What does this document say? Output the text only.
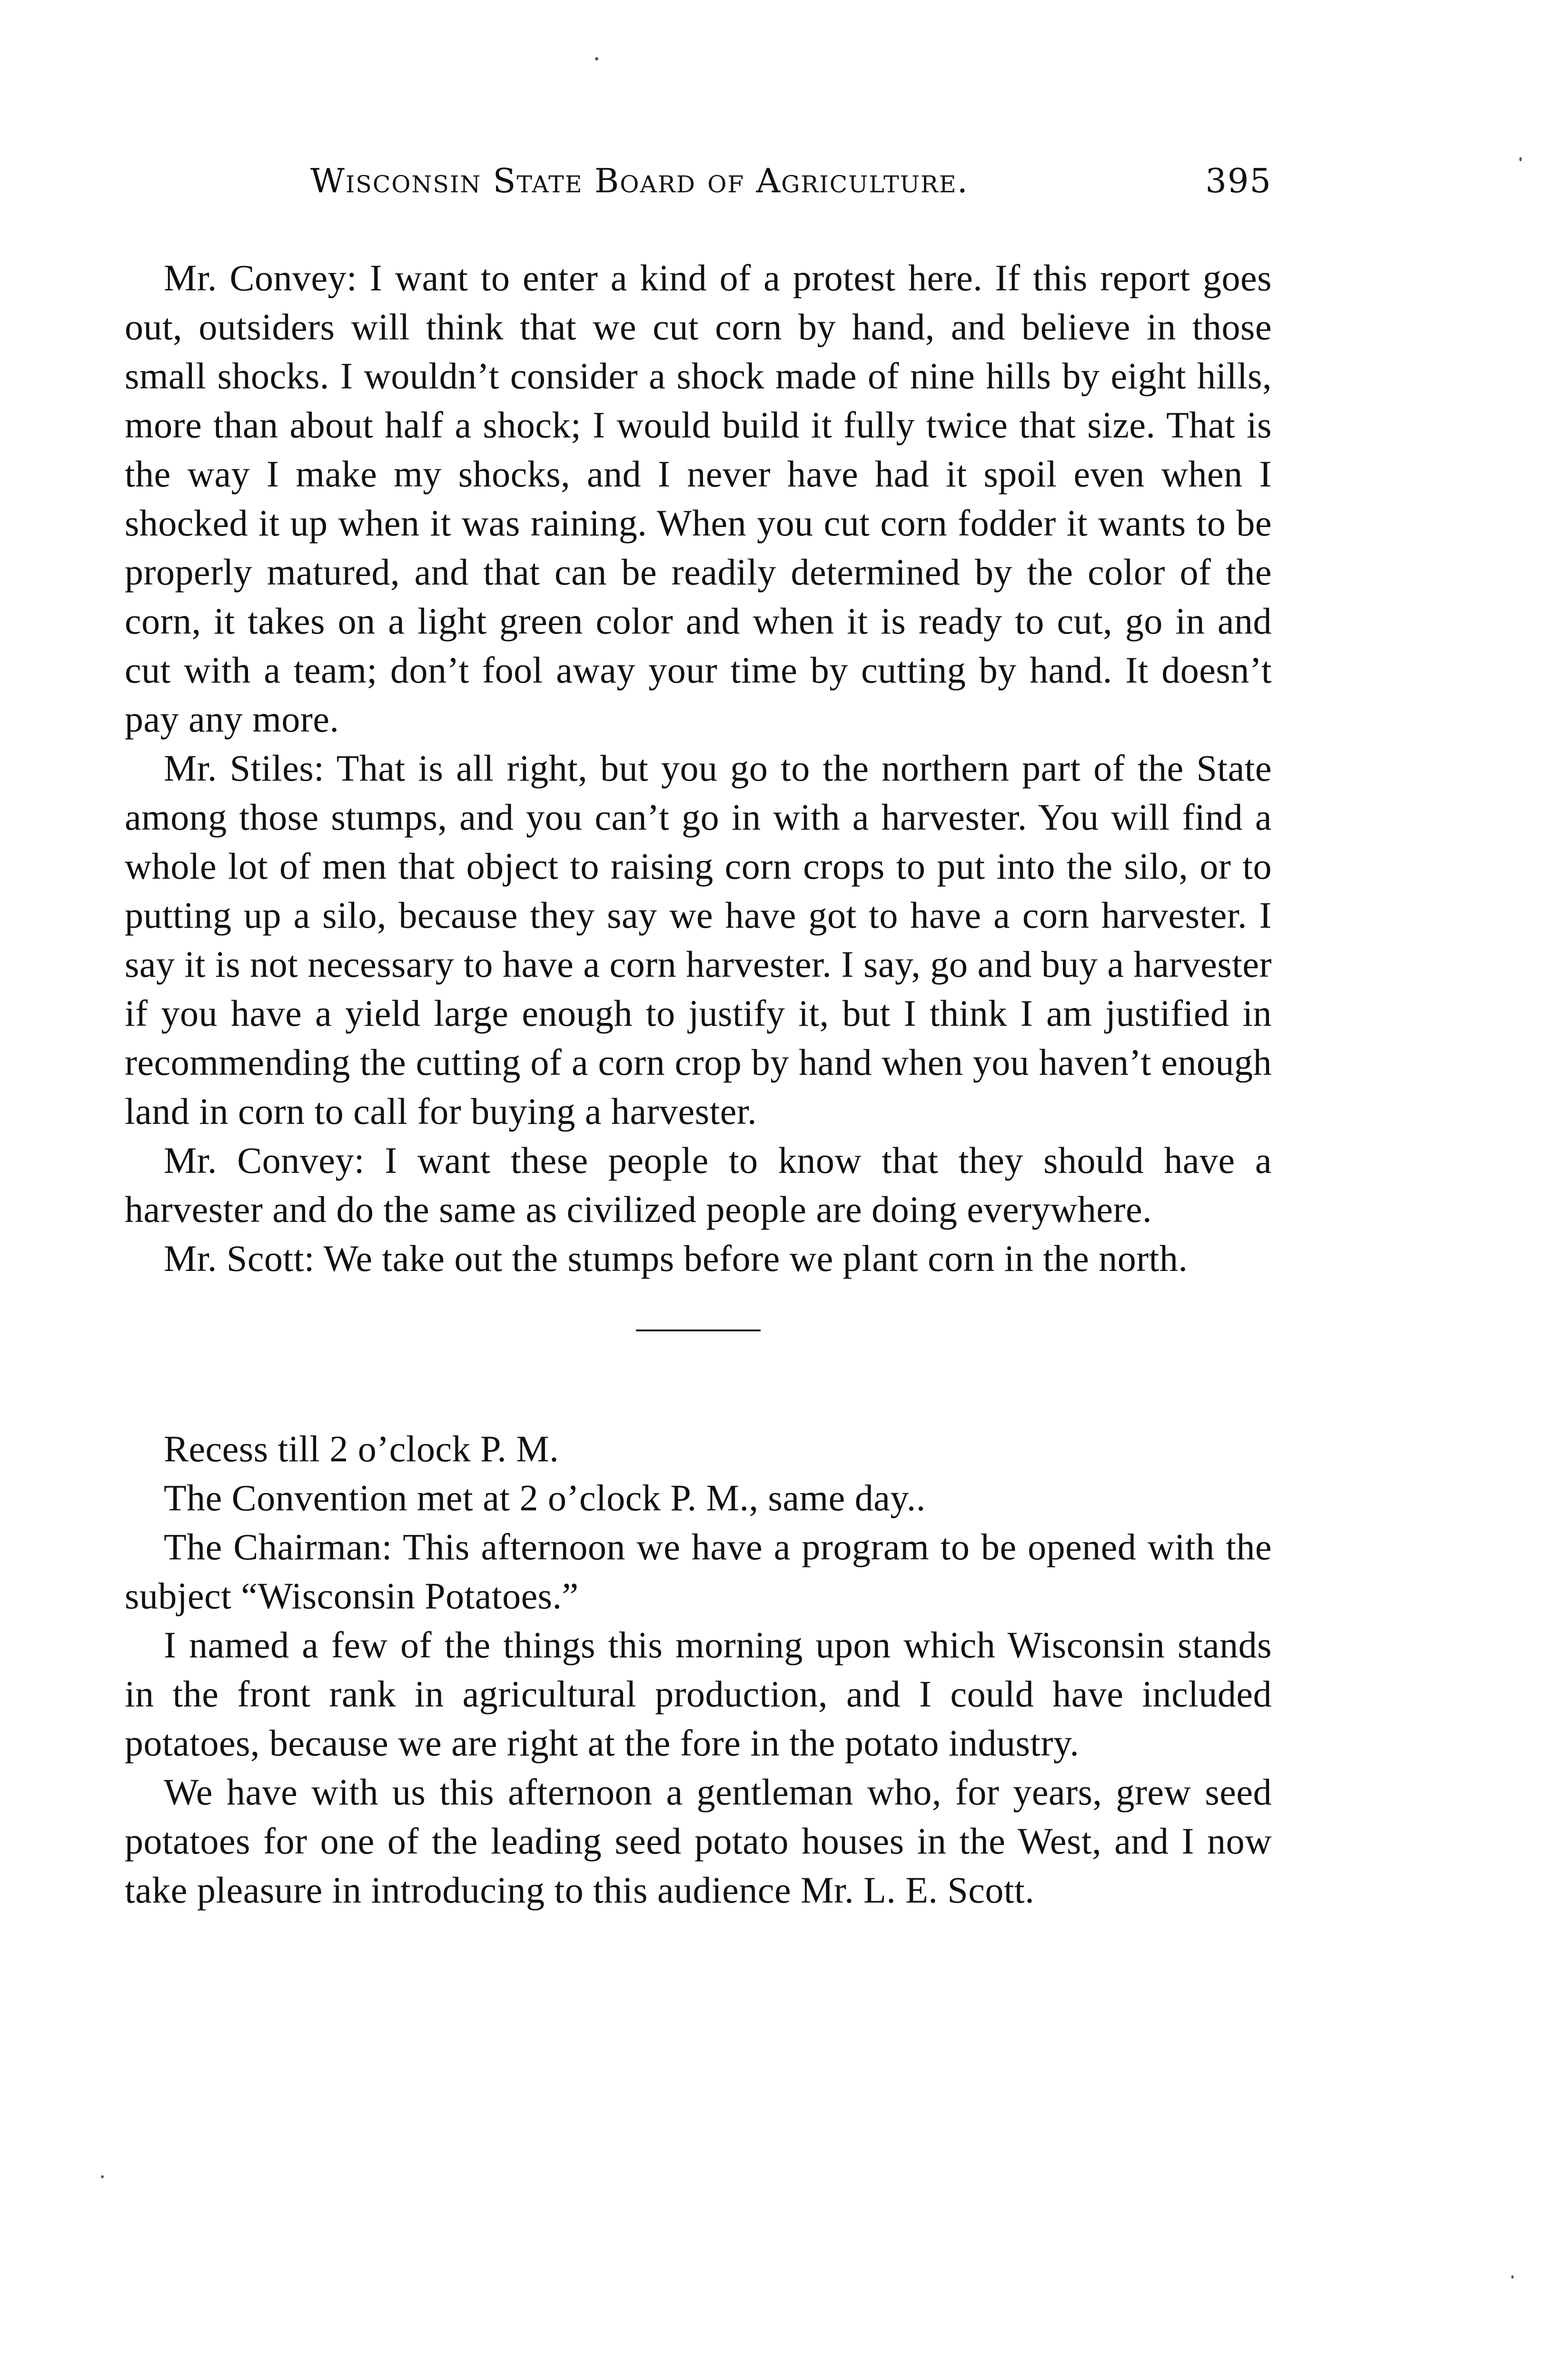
Wisconsin State Board of Agriculture.	395

Mr. Convey: I want to enter a kind of a protest here. If this report goes out, outsiders will think that we cut corn by hand, and believe in those small shocks. I wouldn’t consider a shock made of nine hills by eight hills, more than about half a shock; I would build it fully twice that size. That is the way I make my shocks, and I never have had it spoil even when I shocked it up when it was raining. When you cut corn fodder it wants to be properly matured, and that can be readily determined by the color of the corn, it takes on a light green color and when it is ready to cut, go in and cut with a team; don’t fool away your time by cutting by hand. It doesn’t pay any more.

Mr. Stiles: That is all right, but you go to the northern part of the State among those stumps, and you can’t go in with a harvester. You will find a whole lot of men that object to raising corn crops to put into the silo, or to putting up a silo, because they say we have got to have a corn harvester. I say it is not necessary to have a corn harvester. I say, go and buy a harvester if you have a yield large enough to justify it, but I think I am justified in recommending the cutting of a corn crop by hand when you haven’t enough land in corn to call for buying a harvester.

Mr. Convey: I want these people to know that they should have a harvester and do the same as civilized people are doing everywhere.

Mr. Scott: We take out the stumps before we plant corn in the north.

Recess till 2 o’clock P. M.

The Convention met at 2 o’clock P. M., same day..

The Chairman: This afternoon we have a program to be opened with the subject “Wisconsin Potatoes.”

I named a few of the things this morning upon which Wisconsin stands in the front rank in agricultural production, and I could have included potatoes, because we are right at the fore in the potato industry.

We have with us this afternoon a gentleman who, for years, grew seed potatoes for one of the leading seed potato houses in the West, and I now take pleasure in introducing to this audience Mr. L. E. Scott.
